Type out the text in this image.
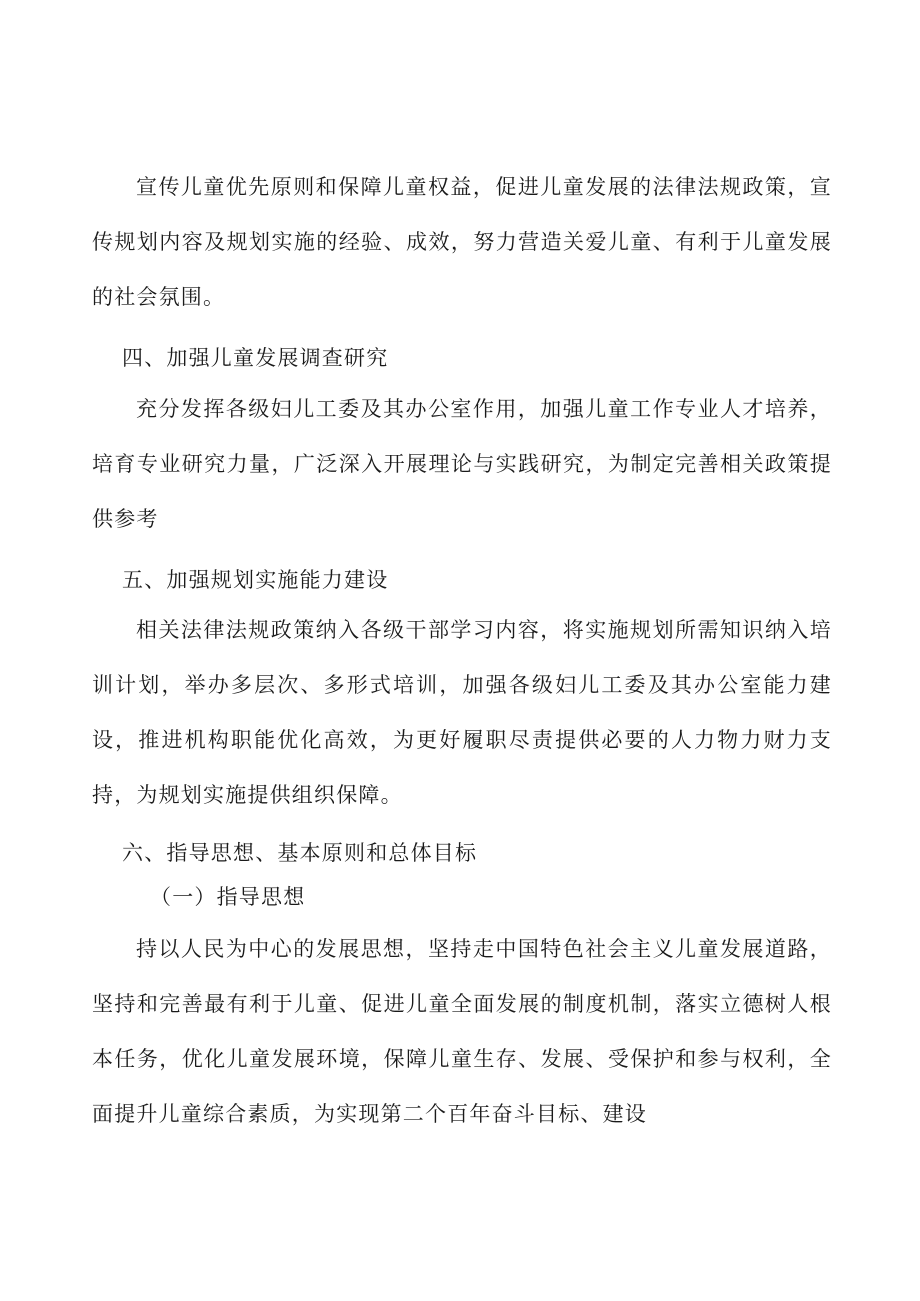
宣传儿童优先原则和保障儿童权益，促进儿童发展的法律法规政策，宣传规划内容及规划实施的经验、成效，努力营造关爱儿童、有利于儿童发展的社会氛围。

四、加强儿童发展调查研究

充分发挥各级妇儿工委及其办公室作用，加强儿童工作专业人才培养，培育专业研究力量，广泛深入开展理论与实践研究，为制定完善相关政策提供参考

五、加强规划实施能力建设

相关法律法规政策纳入各级干部学习内容，将实施规划所需知识纳入培训计划，举办多层次、多形式培训，加强各级妇儿工委及其办公室能力建设，推进机构职能优化高效，为更好履职尽责提供必要的人力物力财力支持，为规划实施提供组织保障。

六、指导思想、基本原则和总体目标

（一）指导思想

持以人民为中心的发展思想，坚持走中国特色社会主义儿童发展道路，坚持和完善最有利于儿童、促进儿童全面发展的制度机制，落实立德树人根本任务，优化儿童发展环境，保障儿童生存、发展、受保护和参与权利，全面提升儿童综合素质，为实现第二个百年奋斗目标、建设
